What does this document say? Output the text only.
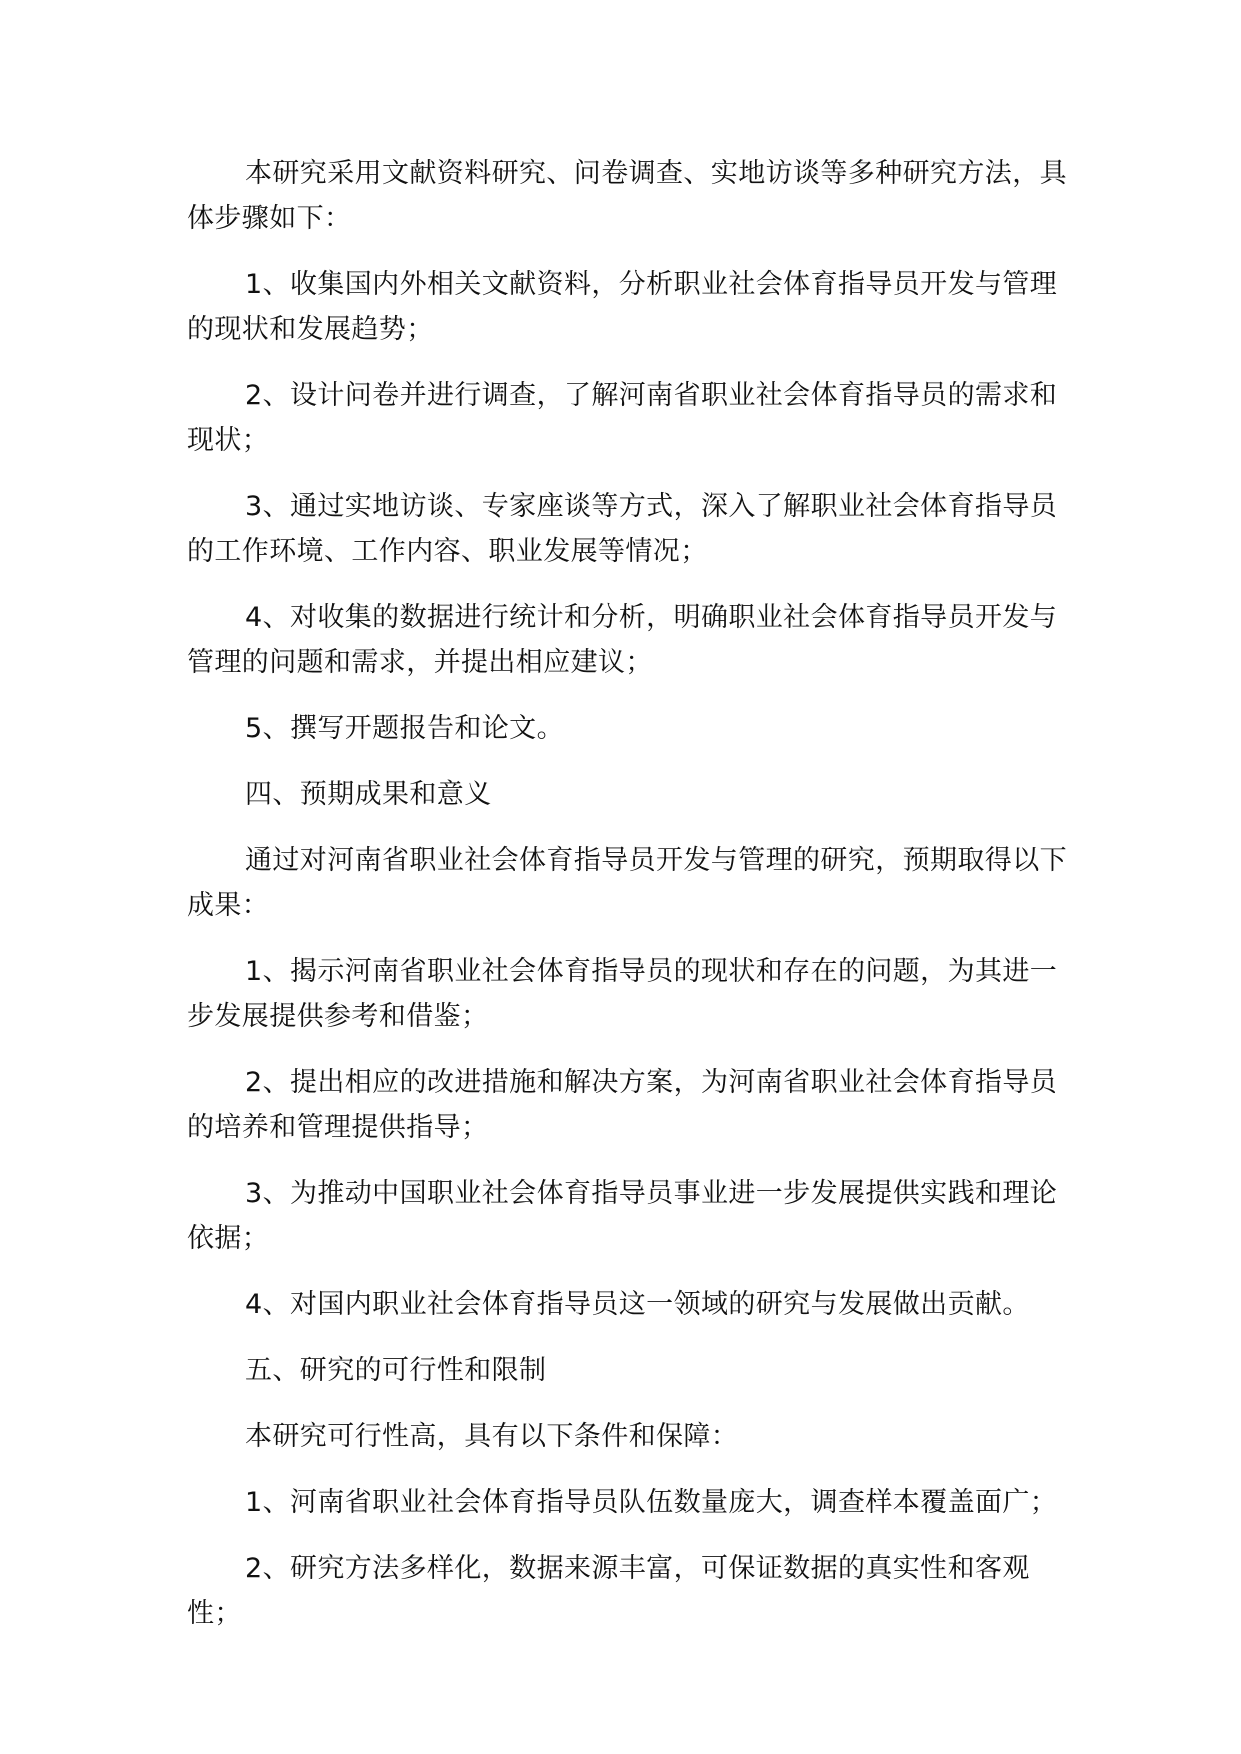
本研究采用文献资料研究、问卷调查、实地访谈等多种研究方法，具体步骤如下：

1、收集国内外相关文献资料，分析职业社会体育指导员开发与管理的现状和发展趋势；

2、设计问卷并进行调查，了解河南省职业社会体育指导员的需求和现状；

3、通过实地访谈、专家座谈等方式，深入了解职业社会体育指导员的工作环境、工作内容、职业发展等情况；

4、对收集的数据进行统计和分析，明确职业社会体育指导员开发与管理的问题和需求，并提出相应建议；

5、撰写开题报告和论文。

四、预期成果和意义

通过对河南省职业社会体育指导员开发与管理的研究，预期取得以下成果：

1、揭示河南省职业社会体育指导员的现状和存在的问题，为其进一步发展提供参考和借鉴；

2、提出相应的改进措施和解决方案，为河南省职业社会体育指导员的培养和管理提供指导；

3、为推动中国职业社会体育指导员事业进一步发展提供实践和理论依据；

4、对国内职业社会体育指导员这一领域的研究与发展做出贡献。

五、研究的可行性和限制

本研究可行性高，具有以下条件和保障：

1、河南省职业社会体育指导员队伍数量庞大，调查样本覆盖面广；

2、研究方法多样化，数据来源丰富，可保证数据的真实性和客观性；
